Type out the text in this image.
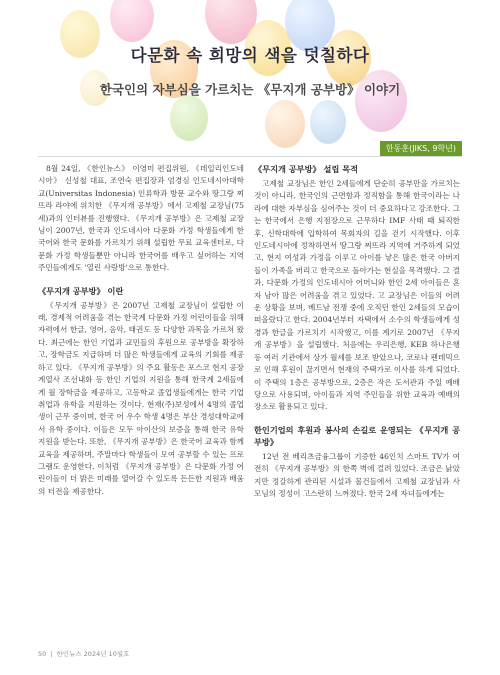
다문화 속 희망의 색을 덧칠하다
한국인의 자부심을 가르치는 《무지개 공부방》 이야기
한동훈(JIKS, 9학년)

8월 24일, 《한인뉴스》 이영미 편집위원, 《데일리인도네시아》 신성철 대표, 조연숙 편집장과 엄경심 인도네시아대학교(Universitas Indonesia) 인류학과 방문 교수와 땅그랑 찌뜨라 라야에 위치한 《무지개 공부방》에서 고제철 교장님(75세)과의 인터뷰를 진행했다. 《무지개 공부방》은 고제철 교장님이 2007년, 한국과 인도네시아 다문화 가정 학생들에게 한국어와 한국 문화를 가르치기 위해 설립한 무료 교육센터로, 다문화 가정 학생들뿐만 아니라 한국어를 배우고 싶어하는 지역 주민들에게도 '열린 사랑방'으로 통한다.

《무지개 공부방》 이란

《무지개 공부방》은 2007년 고제철 교장님이 설립한 이래, 경제적 어려움을 겪는 한국계 다문화 가정 어린이들을 위해 자력에서 한글, 영어, 음악, 태권도 등 다양한 과목을 가르쳐 왔다. 최근에는 한인 기업과 교민들의 후원으로 공부방을 확장하고, 장학금도 지급하며 더 많은 학생들에게 교육의 기회를 제공하고 있다. 《무지개 공부방》의 주요 활동은 포스코 현지 공장 계열사 조선내화 등 한인 기업의 지원을 통해 한국계 2세들에게 월 장학금을 제공하고, 고등학교 졸업생들에게는 한국 기업 취업과 유학을 지원하는 것이다. 현재(주)보성에서 4명의 졸업생이 근무 중이며, 한국 어 우수 학생 4명은 부산 경성대학교에서 유학 중이다. 이들은 모두 아이산의 보증을 통해 한국 유학 지원을 받는다. 또한, 《무지개 공부방》은 한국어 교육과 함께 교육을 제공하며, 주말마다 학생들이 모여 공부할 수 있는 프로그램도 운영한다. 이처럼 《무지개 공부방》은 다문화 가정 어린이들이 더 밝은 미래를 열어갈 수 있도록 든든한 지원과 배움의 터전을 제공한다.

《무지개 공부방》 설립 목적

고제철 교장님은 한인 2세들에게 단순히 공부만을 가르치는 것이 아니라, 한국인의 근면함과 정직함을 통해 한국이라는 나라에 대한 자부심을 심어주는 것이 더 중요하다고 강조한다. 그는 한국에서 은행 지점장으로 근무하다 IMF 사태 때 퇴직한 후, 신학대학에 입학하여 목회자의 길을 걷기 시작했다. 이후 인도네시아에 정착하면서 땅그랑 찌뜨라 지역에 거주하게 되었고, 현지 여성과 가정을 이루고 아이를 낳은 많은 한국 아버지들이 가족을 버리고 한국으로 돌아가는 현실을 목격했다. 그 결과, 다문화 가정의 인도네시아 어머니와 한인 2세 아이들은 혼자 남아 많은 어려움을 겪고 있었다. 고 교장님은 이들의 어려운 상황을 보며, 베드남 전쟁 중에 오직던 한인 2세들의 모습이 떠올랐다고 한다. 2004년부터 자택에서 소수의 학생들에게 성경과 한글을 가르치기 시작했고, 이를 계기로 2007년 《무지개 공부방》을 설립했다. 처음에는 우리은행, KEB 하나은행 등 여러 기관에서 상가 월세를 보조 받았으나, 코로나 팬데믹으로 인해 후원이 끊기면서 현재의 주택가로 이사를 하게 되었다. 이 주택의 1층은 공부방으로, 2층은 작은 도서관과 주일 예배당으로 사용되며, 아이들과 지역 주민들을 위한 교육과 예배의 장소로 활용되고 있다.

한인기업의 후원과 봉사의 손길로 운영되는 《무지개 공부방》

12년 전 베리츠금융그룹이 기증한 46인치 스마트 TV가 여전히 《무지개 공부방》의 한쪽 벽에 걸려 있었다. 조금은 낡았지만 정갈하게 관리된 시설과 물건들에서 고제철 교장님과 사모님의 정성이 고스란히 느껴졌다. 한국 2세 자녀들에게는

50 | 한인뉴스 2024년 10월호
